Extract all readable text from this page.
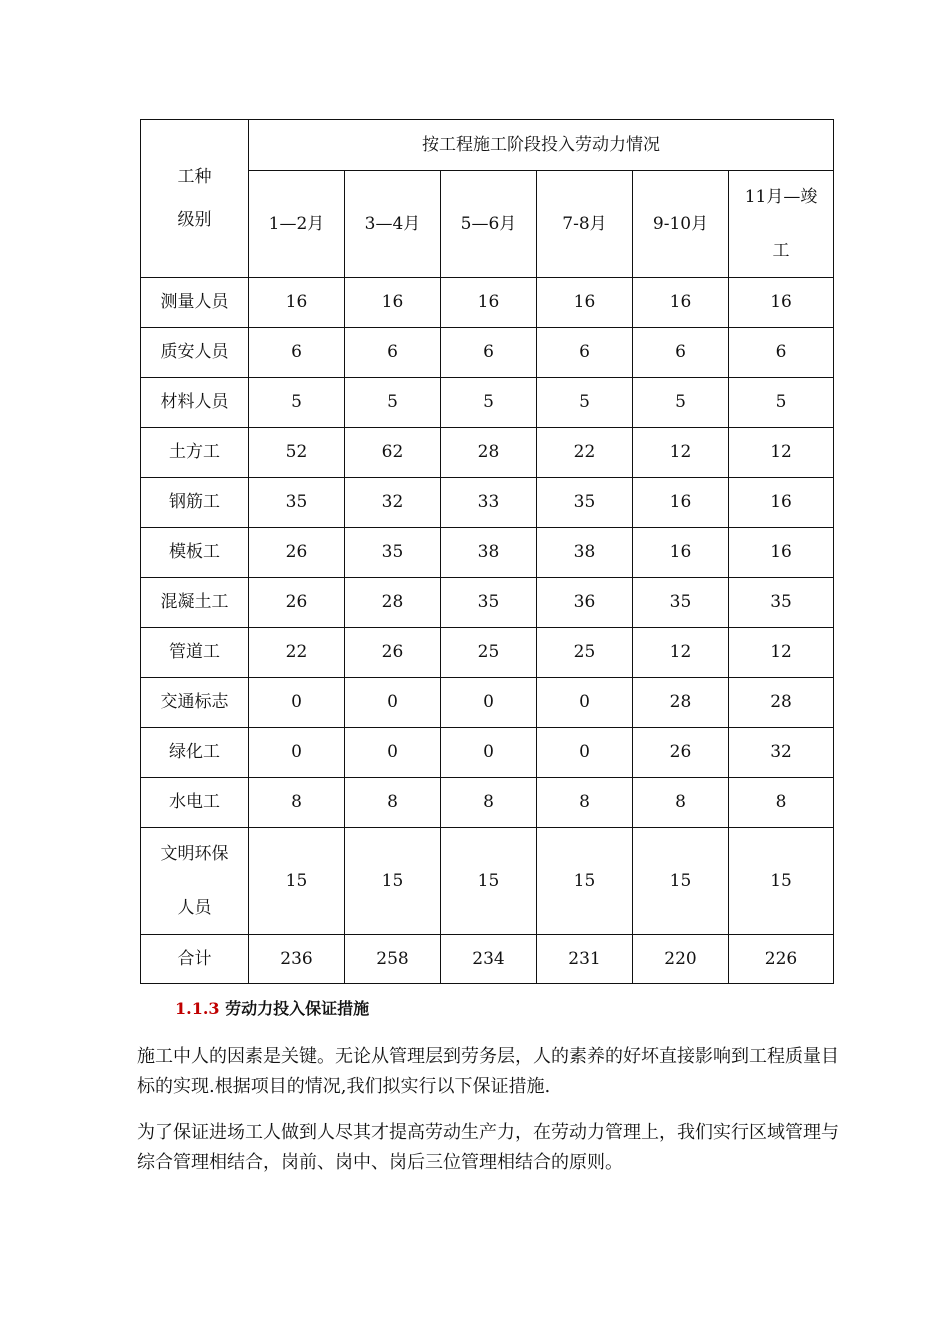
工种
级别	按工程施工阶段投入劳动力情况					
	1—2月	3—4月	5—6月	7-8月	9-10月	11月—竣
工

测量人员	16	16	16	16	16	16
质安人员	6	6	6	6	6	6
材料人员	5	5	5	5	5	5
土方工	52	62	28	22	12	12
钢筋工	35	32	33	35	16	16
模板工	26	35	38	38	16	16
混凝土工	26	28	35	36	35	35
管道工	22	26	25	25	12	12
交通标志	0	0	0	0	28	28
绿化工	0	0	0	0	26	32
水电工	8	8	8	8	8	8

文明环保
人员	15	15	15	15	15	15
合计	236	258	234	231	220	226
1.1.3 劳动力投入保证措施

施工中人的因素是关键。无论从管理层到劳务层，人的素养的好坏直接影响到工程质量目标的实现.根据项目的情况,我们拟实行以下保证措施.

为了保证进场工人做到人尽其才提高劳动生产力，在劳动力管理上，我们实行区域管理与综合管理相结合，岗前、岗中、岗后三位管理相结合的原则。
